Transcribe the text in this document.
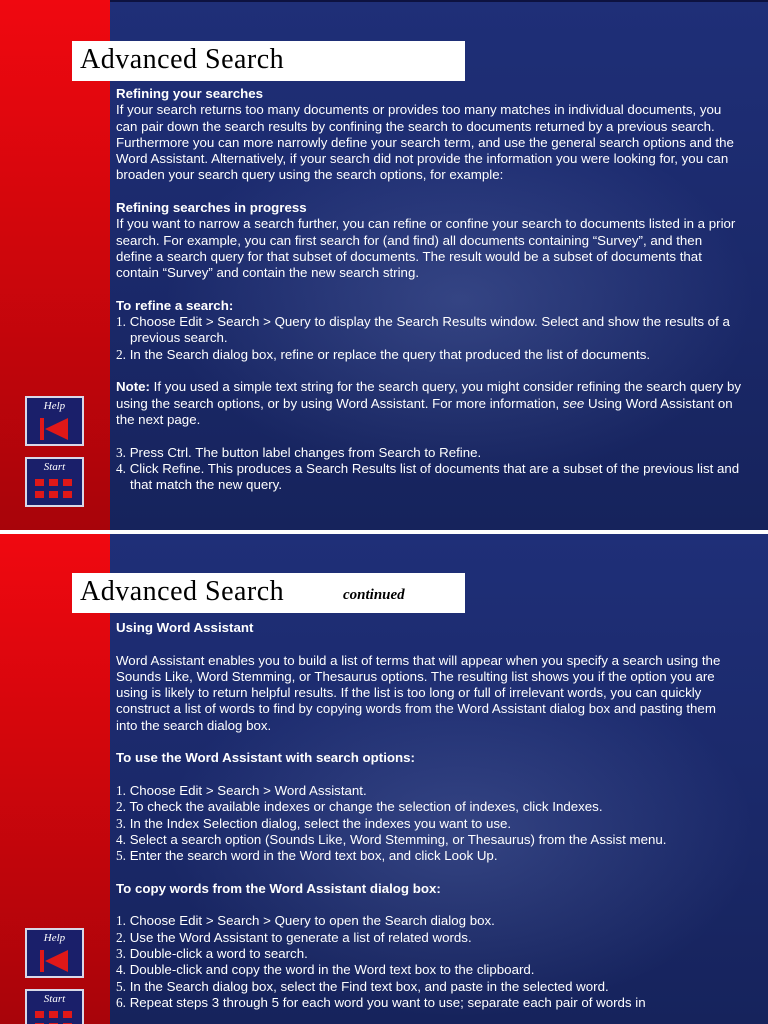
Advanced Search

Refining your searches

If your search returns too many documents or provides too many matches in individual documents, you can pair down the search results by confining the search to documents returned by a previous search. Furthermore you can more narrowly define your search term, and use the general search options and the Word Assistant. Alternatively, if your search did not provide the information you were looking for, you can broaden your search query using the search options, for example:

Refining searches in progress

If you want to narrow a search further, you can refine or confine your search to documents listed in a prior search. For example, you can first search for (and find) all documents containing “Survey”, and then define a search query for that subset of documents. The result would be a subset of documents that contain “Survey” and contain the new search string.

To refine a search:

1. Choose Edit > Search > Query to display the Search Results window. Select and show the results of a previous search.

2. In the Search dialog box, refine or replace the query that produced the list of documents.

Note: If you used a simple text string for the search query, you might consider refining the search query by using the search options, or by using Word Assistant. For more information, see Using Word Assistant on the next page.

3. Press Ctrl. The button label changes from Search to Refine.

4. Click Refine. This produces a Search Results list of documents that are a subset of the previous list and that match the new query.

Help
Start
Advanced Search	continued

Using Word Assistant

Word Assistant enables you to build a list of terms that will appear when you specify a search using the Sounds Like, Word Stemming, or Thesaurus options. The resulting list shows you if the option you are using is likely to return helpful results. If the list is too long or full of irrelevant words, you can quickly construct a list of words to find by copying words from the Word Assistant dialog box and pasting them into the search dialog box.

To use the Word Assistant with search options:

1. Choose Edit > Search > Word Assistant.

2. To check the available indexes or change the selection of indexes, click Indexes.

3. In the Index Selection dialog, select the indexes you want to use.

4. Select a search option (Sounds Like, Word Stemming, or Thesaurus) from the Assist menu.

5. Enter the search word in the Word text box, and click Look Up.

To copy words from the Word Assistant dialog box:

1. Choose Edit > Search > Query to open the Search dialog box.

2. Use the Word Assistant to generate a list of related words.

3. Double-click a word to search.

4. Double-click and copy the word in the Word text box to the clipboard.

5. In the Search dialog box, select the Find text box, and paste in the selected word.

6. Repeat steps 3 through 5 for each word you want to use; separate each pair of words in

Help
Start
